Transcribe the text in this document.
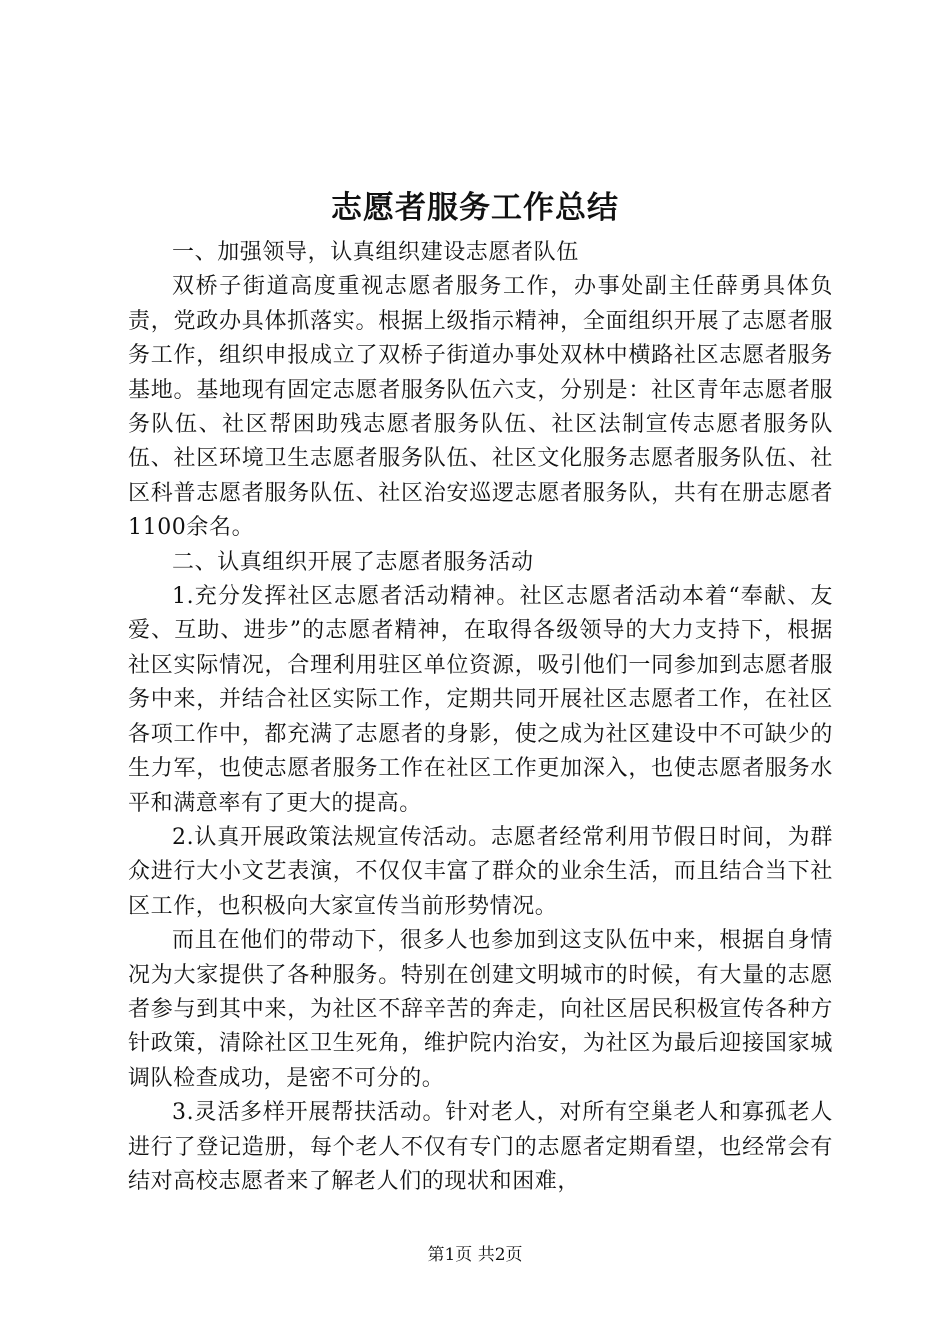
志愿者服务工作总结

一、加强领导，认真组织建设志愿者队伍

双桥子街道高度重视志愿者服务工作，办事处副主任薛勇具体负责，党政办具体抓落实。根据上级指示精神，全面组织开展了志愿者服务工作，组织申报成立了双桥子街道办事处双林中横路社区志愿者服务基地。基地现有固定志愿者服务队伍六支，分别是：社区青年志愿者服务队伍、社区帮困助残志愿者服务队伍、社区法制宣传志愿者服务队伍、社区环境卫生志愿者服务队伍、社区文化服务志愿者服务队伍、社区科普志愿者服务队伍、社区治安巡逻志愿者服务队，共有在册志愿者1100余名。

二、认真组织开展了志愿者服务活动

1.充分发挥社区志愿者活动精神。社区志愿者活动本着“奉献、友爱、互助、进步”的志愿者精神，在取得各级领导的大力支持下，根据社区实际情况，合理利用驻区单位资源，吸引他们一同参加到志愿者服务中来，并结合社区实际工作，定期共同开展社区志愿者工作，在社区各项工作中，都充满了志愿者的身影，使之成为社区建设中不可缺少的生力军，也使志愿者服务工作在社区工作更加深入，也使志愿者服务水平和满意率有了更大的提高。

2.认真开展政策法规宣传活动。志愿者经常利用节假日时间，为群众进行大小文艺表演，不仅仅丰富了群众的业余生活，而且结合当下社区工作，也积极向大家宣传当前形势情况。

而且在他们的带动下，很多人也参加到这支队伍中来，根据自身情况为大家提供了各种服务。特别在创建文明城市的时候，有大量的志愿者参与到其中来，为社区不辞辛苦的奔走，向社区居民积极宣传各种方针政策，清除社区卫生死角，维护院内治安，为社区为最后迎接国家城调队检查成功，是密不可分的。

3.灵活多样开展帮扶活动。针对老人，对所有空巢老人和寡孤老人进行了登记造册，每个老人不仅有专门的志愿者定期看望，也经常会有结对高校志愿者来了解老人们的现状和困难，

第1页 共2页
